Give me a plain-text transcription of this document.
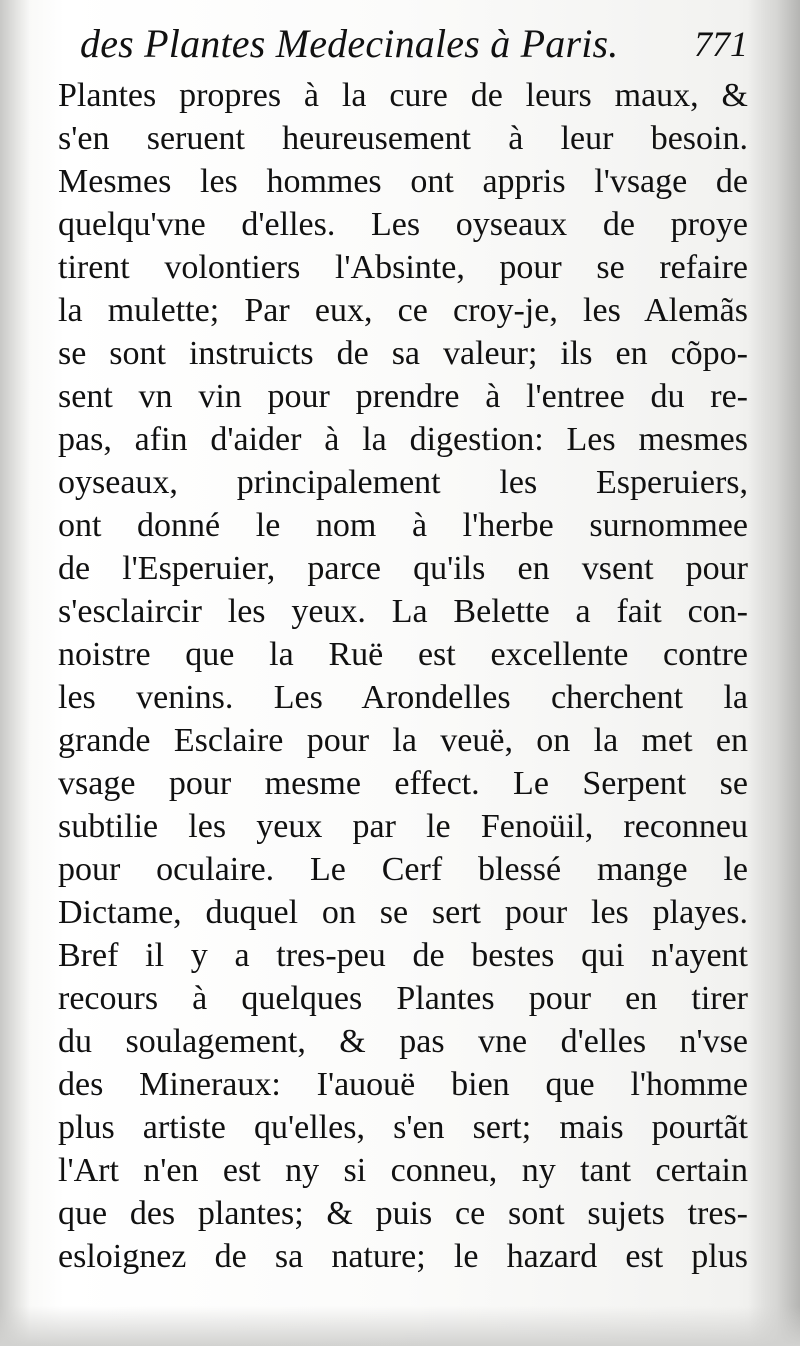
des Plantes Medecinales à Paris. 771
Plantes propres à la cure de leurs maux, &
s'en seruent heureusement à leur besoin.
Mesmes les hommes ont appris l'vsage de
quelqu'vne d'elles. Les oyseaux de proye
tirent volontiers l'Absinte, pour se refaire
la mulette; Par eux, ce croy-je, les Alemãs
se sont instruicts de sa valeur; ils en cõpo-
sent vn vin pour prendre à l'entree du re-
pas, afin d'aider à la digestion: Les mesmes
oyseaux, principalement les Esperuiers,
ont donné le nom à l'herbe surnommee
de l'Esperuier, parce qu'ils en vsent pour
s'esclaircir les yeux. La Belette a fait con-
noistre que la Ruë est excellente contre
les venins. Les Arondelles cherchent la
grande Esclaire pour la veuë, on la met en
vsage pour mesme effect. Le Serpent se
subtilie les yeux par le Fenoüil, reconneu
pour oculaire. Le Cerf blessé mange le
Dictame, duquel on se sert pour les playes.
Bref il y a tres-peu de bestes qui n'ayent
recours à quelques Plantes pour en tirer
du soulagement, & pas vne d'elles n'vse
des Mineraux: I'auouë bien que l'homme
plus artiste qu'elles, s'en sert; mais pourtãt
l'Art n'en est ny si conneu, ny tant certain
que des plantes; & puis ce sont sujets tres-
esloignez de sa nature; le hazard est plus
